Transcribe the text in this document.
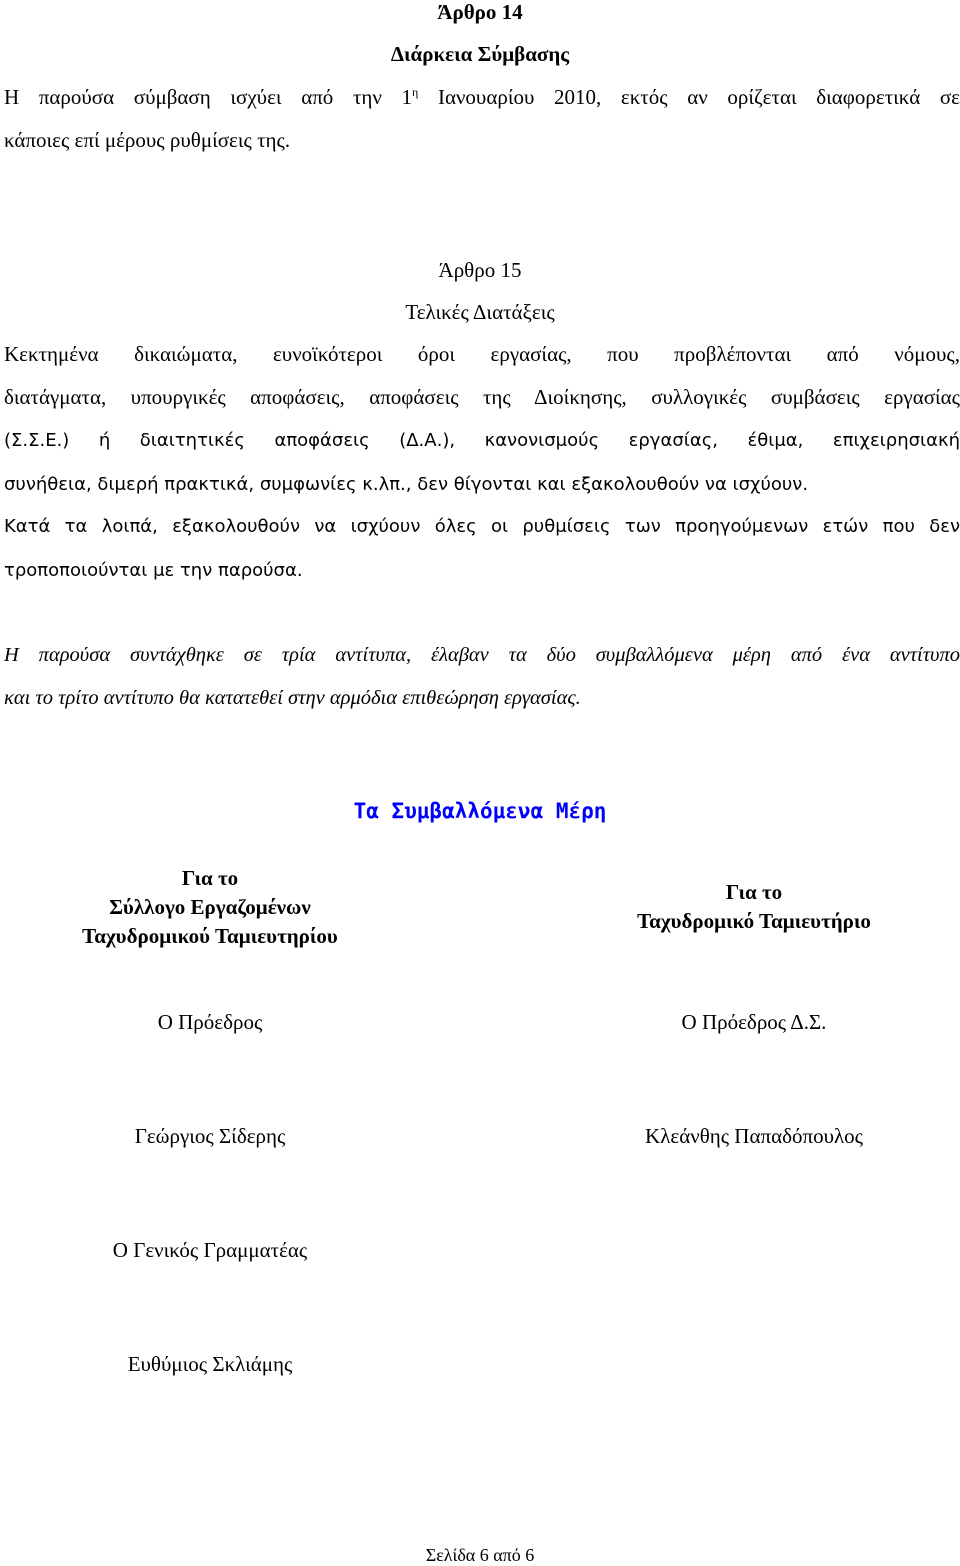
Άρθρο 14
Διάρκεια Σύμβασης
Η παρούσα σύμβαση ισχύει από την $1^\eta$ Ιανουαρίου 2010, εκτός αν ορίζεται διαφορετικά σε
κάποιες επί μέρους ρυθμίσεις της.
Άρθρο 15
Τελικές Διατάξεις
Κεκτημένα δικαιώματα, ευνοϊκότεροι όροι εργασίας, που προβλέπονται από νόμους,
διατάγματα, υπουργικές αποφάσεις, αποφάσεις της Διοίκησης, συλλογικές συμβάσεις εργασίας
(Σ.Σ.Ε.) ή διαιτητικές αποφάσεις (Δ.Α.), κανονισμούς εργασίας, έθιμα, επιχειρησιακή
συνήθεια, διμερή πρακτικά, συμφωνίες κ.λπ., δεν θίγονται και εξακολουθούν να ισχύουν.
Κατά τα λοιπά, εξακολουθούν να ισχύουν όλες οι ρυθμίσεις των προηγούμενων ετών που δεν
τροποποιούνται με την παρούσα.
Η παρούσα συντάχθηκε σε τρία αντίτυπα, έλαβαν τα δύο συμβαλλόμενα μέρη από ένα αντίτυπο
και το τρίτο αντίτυπο θα κατατεθεί στην αρμόδια επιθεώρηση εργασίας.
Τα Συμβαλλόμενα Μέρη
Για το
Σύλλογο Εργαζομένων
Ταχυδρομικού Ταμιευτηρίου
Για το
Ταχυδρομικό Ταμιευτήριο
Ο Πρόεδρος	Ο Πρόεδρος Δ.Σ.
Γεώργιος Σίδερης	Κλεάνθης Παπαδόπουλος
Ο Γενικός Γραμματέας
Ευθύμιος Σκλιάμης
Σελίδα 6 από 6
